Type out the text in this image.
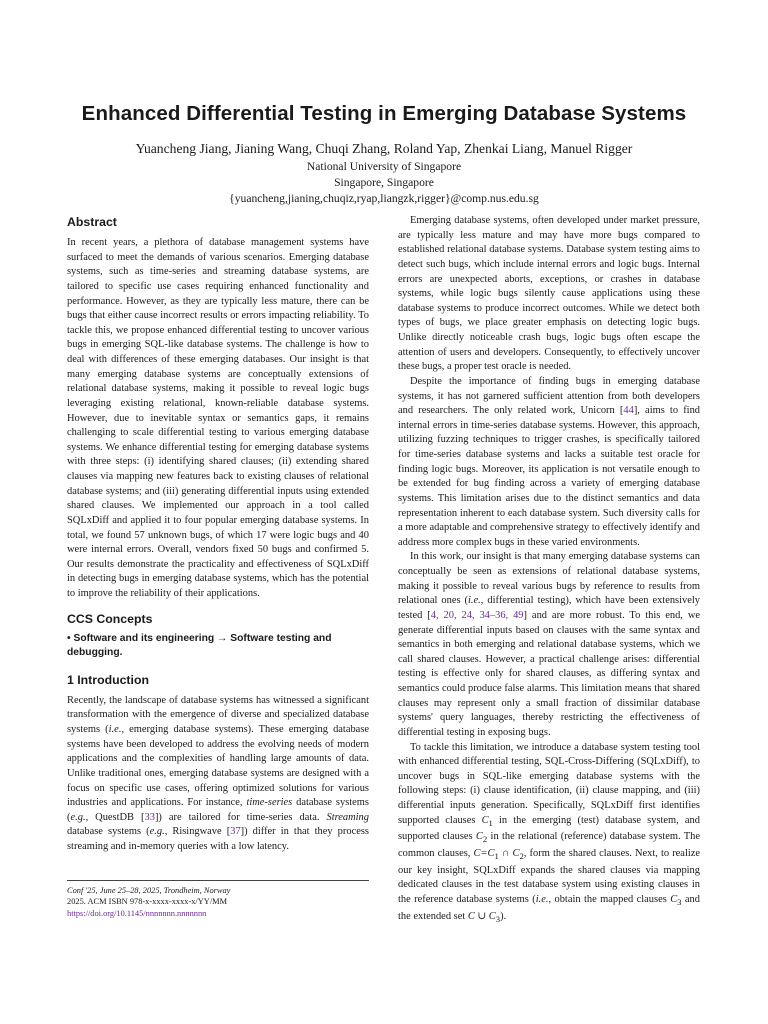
Enhanced Differential Testing in Emerging Database Systems
Yuancheng Jiang, Jianing Wang, Chuqi Zhang, Roland Yap, Zhenkai Liang, Manuel Rigger
National University of Singapore
Singapore, Singapore
{yuancheng,jianing,chuqiz,ryap,liangzk,rigger}@comp.nus.edu.sg
Abstract

In recent years, a plethora of database management systems have surfaced to meet the demands of various scenarios. Emerging database systems, such as time-series and streaming database systems, are tailored to specific use cases requiring enhanced functionality and performance. However, as they are typically less mature, there can be bugs that either cause incorrect results or errors impacting reliability. To tackle this, we propose enhanced differential testing to uncover various bugs in emerging SQL-like database systems. The challenge is how to deal with differences of these emerging databases. Our insight is that many emerging database systems are conceptually extensions of relational database systems, making it possible to reveal logic bugs leveraging existing relational, known-reliable database systems. However, due to inevitable syntax or semantics gaps, it remains challenging to scale differential testing to various emerging database systems. We enhance differential testing for emerging database systems with three steps: (i) identifying shared clauses; (ii) extending shared clauses via mapping new features back to existing clauses of relational database systems; and (iii) generating differential inputs using extended shared clauses. We implemented our approach in a tool called SQLxDiff and applied it to four popular emerging database systems. In total, we found 57 unknown bugs, of which 17 were logic bugs and 40 were internal errors. Overall, vendors fixed 50 bugs and confirmed 5. Our results demonstrate the practicality and effectiveness of SQLxDiff in detecting bugs in emerging database systems, which has the potential to improve the reliability of their applications.

CCS Concepts

• Software and its engineering → Software testing and debugging.

1 Introduction

Recently, the landscape of database systems has witnessed a significant transformation with the emergence of diverse and specialized database systems (i.e., emerging database systems). These emerging database systems have been developed to address the evolving needs of modern applications and the complexities of handling large amounts of data. Unlike traditional ones, emerging database systems are designed with a focus on specific use cases, offering optimized solutions for various industries and applications. For instance, time-series database systems (e.g., QuestDB [33]) are tailored for time-series data. Streaming database systems (e.g., Risingwave [37]) differ in that they process streaming and in-memory queries with a low latency.

Conf '25, June 25–28, 2025, Trondheim, Norway
2025. ACM ISBN 978-x-xxxx-xxxx-x/YY/MM
https://doi.org/10.1145/nnnnnnn.nnnnnnn

Emerging database systems, often developed under market pressure, are typically less mature and may have more bugs compared to established relational database systems. Database system testing aims to detect such bugs, which include internal errors and logic bugs. Internal errors are unexpected aborts, exceptions, or crashes in database systems, while logic bugs silently cause applications using these database systems to produce incorrect outcomes. While we detect both types of bugs, we place greater emphasis on detecting logic bugs. Unlike directly noticeable crash bugs, logic bugs often escape the attention of users and developers. Consequently, to effectively uncover these bugs, a proper test oracle is needed.

Despite the importance of finding bugs in emerging database systems, it has not garnered sufficient attention from both developers and researchers. The only related work, Unicorn [44], aims to find internal errors in time-series database systems. However, this approach, utilizing fuzzing techniques to trigger crashes, is specifically tailored for time-series database systems and lacks a suitable test oracle for finding logic bugs. Moreover, its application is not versatile enough to be extended for bug finding across a variety of emerging database systems. This limitation arises due to the distinct semantics and data representation inherent to each database system. Such diversity calls for a more adaptable and comprehensive strategy to effectively identify and address more complex bugs in these varied environments.

In this work, our insight is that many emerging database systems can conceptually be seen as extensions of relational database systems, making it possible to reveal various bugs by reference to results from relational ones (i.e., differential testing), which have been extensively tested [4, 20, 24, 34–36, 49] and are more robust. To this end, we generate differential inputs based on clauses with the same syntax and semantics in both emerging and relational database systems, which we call shared clauses. However, a practical challenge arises: differential testing is effective only for shared clauses, as differing syntax and semantics could produce false alarms. This limitation means that shared clauses may represent only a small fraction of dissimilar database systems' query languages, thereby restricting the effectiveness of differential testing in exposing bugs.

To tackle this limitation, we introduce a database system testing tool with enhanced differential testing, SQL-Cross-Differing (SQLxDiff), to uncover bugs in SQL-like emerging database systems with the following steps: (i) clause identification, (ii) clause mapping, and (iii) differential inputs generation. Specifically, SQLxDiff first identifies supported clauses $C_1$ in the emerging (test) database system, and supported clauses $C_2$ in the relational (reference) database system. The common clauses, $C=C_1$ ∩ $C_2$, form the shared clauses. Next, to realize our key insight, SQLxDiff expands the shared clauses via mapping dedicated clauses in the test database system using existing clauses in the reference database systems (i.e., obtain the mapped clauses $C_3$ and the extended set C ∪ $C_3$).
